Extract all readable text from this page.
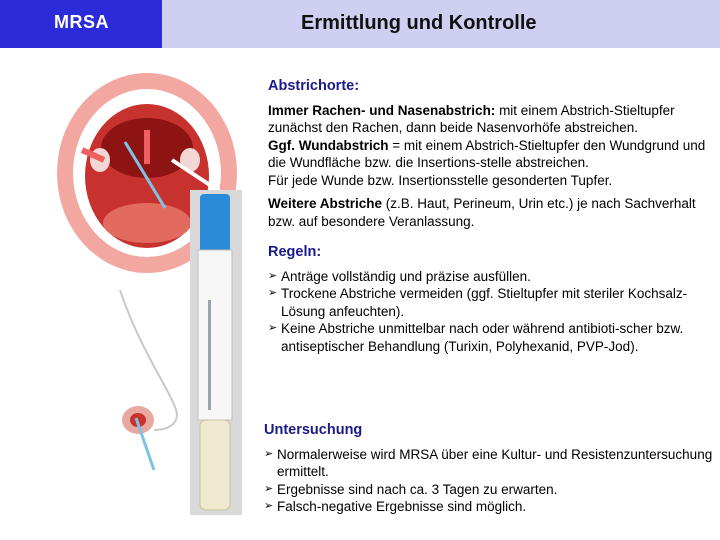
MRSA	Ermittlung und Kontrolle
Abstrichorte:
Immer Rachen- und Nasenabstrich: mit einem Abstrich-Stieltupfer zunächst den Rachen, dann beide Nasenvorhöfe abstreichen.
Ggf. Wundabstrich = mit einem Abstrich-Stieltupfer den Wundgrund und die Wundfläche bzw. die Insertions-stelle abstreichen.
Für jede Wunde bzw. Insertionsstelle gesonderten Tupfer.
Weitere Abstriche (z.B. Haut, Perineum, Urin etc.) je nach Sachverhalt bzw. auf besondere Veranlassung.
Regeln:
➢ Anträge vollständig und präzise ausfüllen.
➢ Trockene Abstriche vermeiden (ggf. Stieltupfer mit steriler Kochsalz-Lösung anfeuchten).
➢ Keine Abstriche unmittelbar nach oder während antibioti-scher bzw. antiseptischer Behandlung (Turixin, Polyhexanid, PVP-Jod).
Untersuchung
➢ Normalerweise wird MRSA über eine Kultur- und Resistenzuntersuchung ermittelt.
➢ Ergebnisse sind nach ca. 3 Tagen zu erwarten.
➢ Falsch-negative Ergebnisse sind möglich.
